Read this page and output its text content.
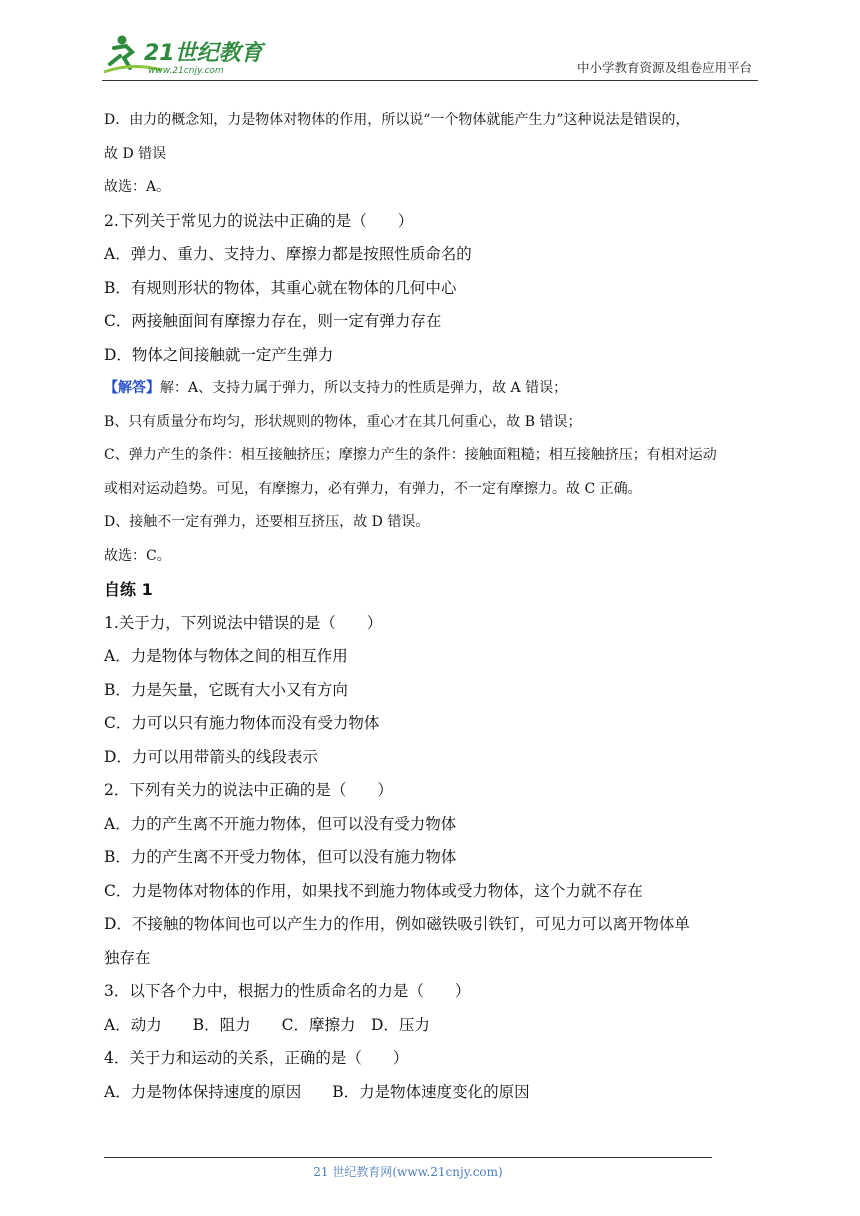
21世纪教育
www.21cnjy.com	中小学教育资源及组卷应用平台

D．由力的概念知，力是物体对物体的作用，所以说“一个物体就能产生力”这种说法是错误的，

故 D 错误

故选：A。

2.下列关于常见力的说法中正确的是（　　）

A．弹力、重力、支持力、摩擦力都是按照性质命名的

B．有规则形状的物体，其重心就在物体的几何中心

C．两接触面间有摩擦力存在，则一定有弹力存在

D．物体之间接触就一定产生弹力

【解答】解：A、支持力属于弹力，所以支持力的性质是弹力，故 A 错误；

B、只有质量分布均匀，形状规则的物体，重心才在其几何重心，故 B 错误；

C、弹力产生的条件：相互接触挤压；摩擦力产生的条件：接触面粗糙；相互接触挤压；有相对运动

或相对运动趋势。可见，有摩擦力，必有弹力，有弹力，不一定有摩擦力。故 C 正确。

D、接触不一定有弹力，还要相互挤压，故 D 错误。

故选：C。

自练 1

1.关于力，下列说法中错误的是（　　）

A．力是物体与物体之间的相互作用

B．力是矢量，它既有大小又有方向

C．力可以只有施力物体而没有受力物体

D．力可以用带箭头的线段表示

2．下列有关力的说法中正确的是（　　）

A．力的产生离不开施力物体，但可以没有受力物体

B．力的产生离不开受力物体，但可以没有施力物体

C．力是物体对物体的作用，如果找不到施力物体或受力物体，这个力就不存在

D．不接触的物体间也可以产生力的作用，例如磁铁吸引铁钉，可见力可以离开物体单

独存在

3．以下各个力中，根据力的性质命名的力是（　　）

A．动力　　B．阻力　　C．摩擦力　D．压力

4．关于力和运动的关系，正确的是（　　）

A．力是物体保持速度的原因　　B．力是物体速度变化的原因

21 世纪教育网(www.21cnjy.com)
